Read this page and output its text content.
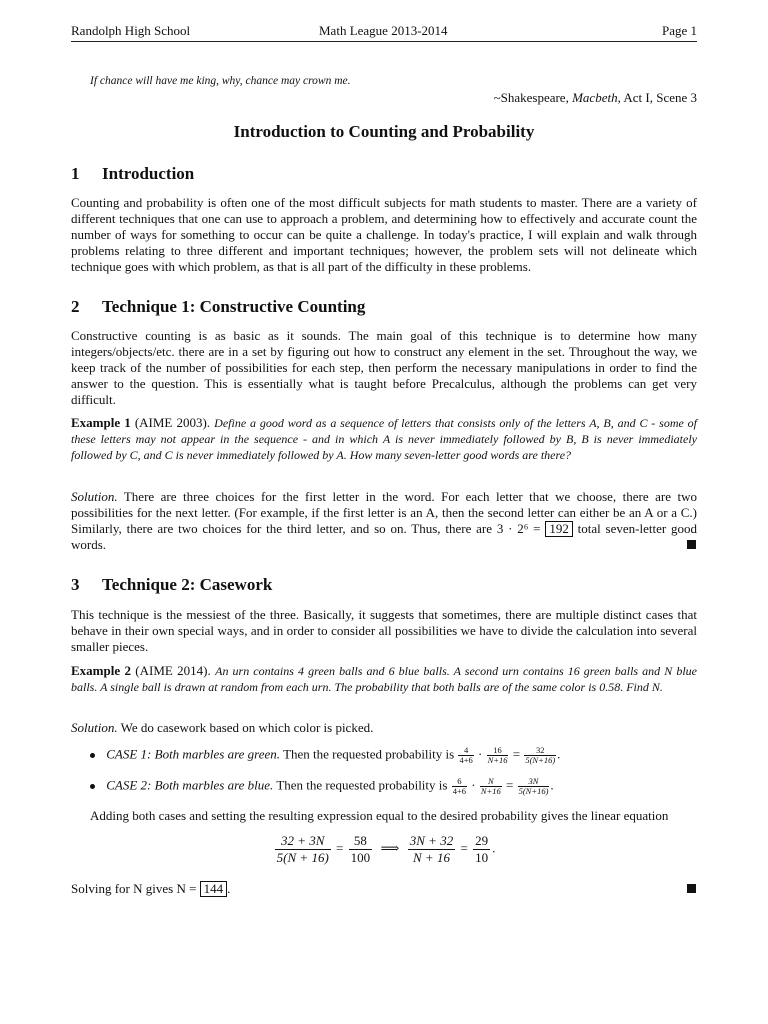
Randolph High School	Math League 2013-2014	Page 1
If chance will have me king, why, chance may crown me.
~Shakespeare, Macbeth, Act I, Scene 3
Introduction to Counting and Probability
1 Introduction
Counting and probability is often one of the most difficult subjects for math students to master. There are a variety of different techniques that one can use to approach a problem, and determining how to effectively and accurate count the number of ways for something to occur can be quite a challenge. In today's practice, I will explain and walk through problems relating to three different and important techniques; however, the problem sets will not delineate which technique goes with which problem, as that is all part of the difficulty in these problems.
2 Technique 1: Constructive Counting
Constructive counting is as basic as it sounds. The main goal of this technique is to determine how many integers/objects/etc. there are in a set by figuring out how to construct any element in the set. Throughout the way, we keep track of the number of possibilities for each step, then perform the necessary manipulations in order to find the answer to the question. This is essentially what is taught before Precalculus, although the problems can get very difficult.
Example 1 (AIME 2003). Define a good word as a sequence of letters that consists only of the letters A, B, and C - some of these letters may not appear in the sequence - and in which A is never immediately followed by B, B is never immediately followed by C, and C is never immediately followed by A. How many seven-letter good words are there?
Solution. There are three choices for the first letter in the word. For each letter that we choose, there are two possibilities for the next letter. (For example, if the first letter is an A, then the second letter can either be an A or a C.) Similarly, there are two choices for the third letter, and so on. Thus, there are 3 · 2⁶ = 192 total seven-letter good words.
3 Technique 2: Casework
This technique is the messiest of the three. Basically, it suggests that sometimes, there are multiple distinct cases that behave in their own special ways, and in order to consider all possibilities we have to divide the calculation into several smaller pieces.
Example 2 (AIME 2014). An urn contains 4 green balls and 6 blue balls. A second urn contains 16 green balls and N blue balls. A single ball is drawn at random from each urn. The probability that both balls are of the same color is 0.58. Find N.
Solution. We do casework based on which color is picked.
CASE 1: Both marbles are green. Then the requested probability is $\frac{4}{4+6} \cdot \frac{16}{N+16} = \frac{32}{5(N+16)}$ .
CASE 2: Both marbles are blue. Then the requested probability is $\frac{6}{4+6} \cdot \frac{N}{N+16} = \frac{3N}{5(N+16)}$ .
Adding both cases and setting the resulting expression equal to the desired probability gives the linear equation
$\frac{32 + 3N}{5(N + 16)} = \frac{58}{100}$ ⟹ $\frac{3N + 32}{N + 16} = \frac{29}{10}$ .
Solving for N gives N = 144 .
